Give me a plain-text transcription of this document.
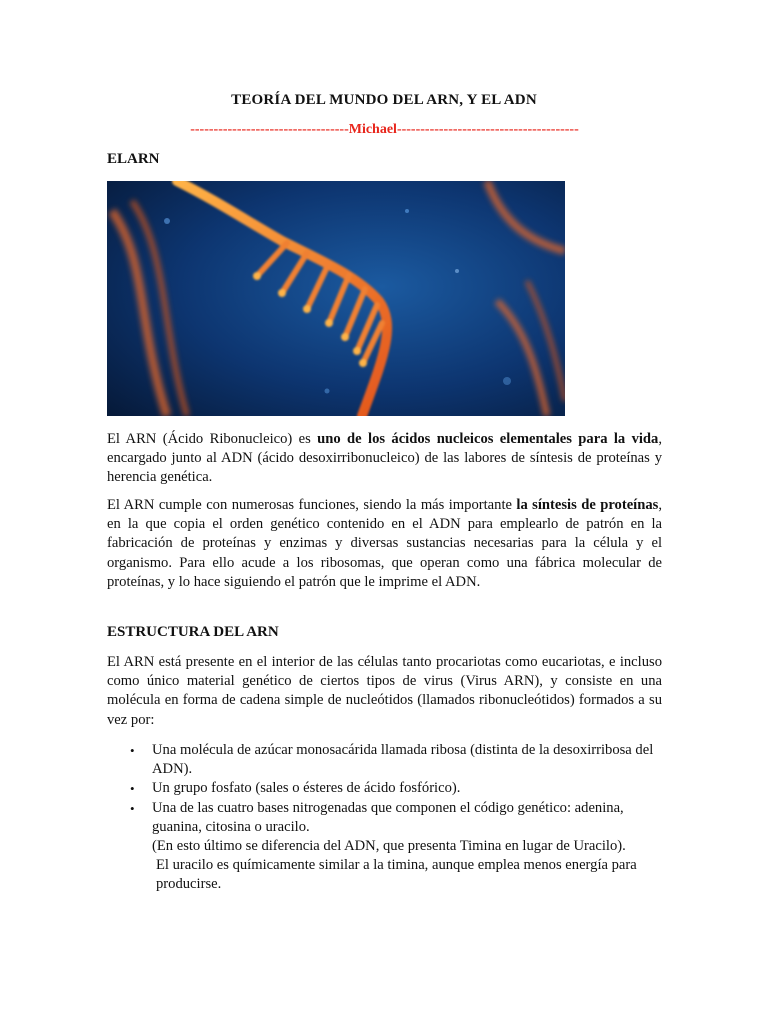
TEORÍA DEL MUNDO DEL ARN, Y EL ADN
----------------------------------Michael---------------------------------------
ELARN

El ARN (Ácido Ribonucleico) es uno de los ácidos nucleicos elementales para la vida, encargado junto al ADN (ácido desoxirribonucleico) de las labores de síntesis de proteínas y herencia genética.

El ARN cumple con numerosas funciones, siendo la más importante la síntesis de proteínas, en la que copia el orden genético contenido en el ADN para emplearlo de patrón en la fabricación de proteínas y enzimas y diversas sustancias necesarias para la célula y el organismo. Para ello acude a los ribosomas, que operan como una fábrica molecular de proteínas, y lo hace siguiendo el patrón que le imprime el ADN.

ESTRUCTURA DEL ARN

El ARN está presente en el interior de las células tanto procariotas como eucariotas, e incluso como único material genético de ciertos tipos de virus (Virus ARN), y consiste en una molécula en forma de cadena simple de nucleótidos (llamados ribonucleótidos) formados a su vez por:

• Una molécula de azúcar monosacárida llamada ribosa (distinta de la desoxirribosa del ADN).
• Un grupo fosfato (sales o ésteres de ácido fosfórico).
• Una de las cuatro bases nitrogenadas que componen el código genético: adenina, guanina, citosina o uracilo.
(En esto último se diferencia del ADN, que presenta Timina en lugar de Uracilo).
El uracilo es químicamente similar a la timina, aunque emplea menos energía para producirse.
